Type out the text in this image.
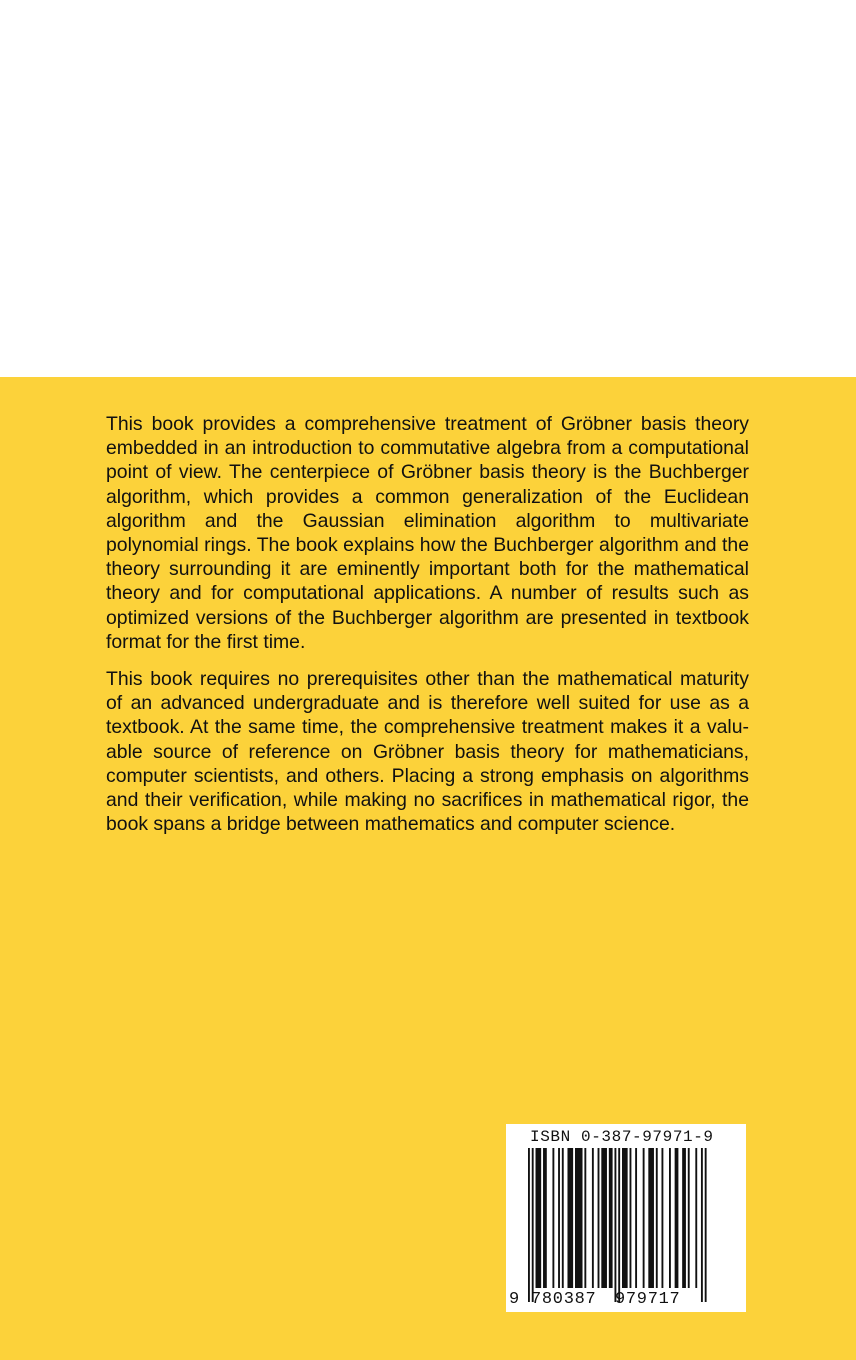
This book provides a comprehensive treatment of Gröbner basis theory embedded in an introduction to commutative algebra from a computational point of view. The centerpiece of Gröbner basis theory is the Buchberger algorithm, which provides a common generalization of the Euclidean algorithm and the Gaussian elimination algorithm to multivariate polynomial rings. The book explains how the Buchberger algorithm and the theory surrounding it are eminently important both for the mathematical theory and for computational applications. A number of results such as optimized versions of the Buchberger algorithm are presented in textbook format for the first time.

This book requires no prerequisites other than the mathematical maturity of an advanced undergraduate and is therefore well suited for use as a textbook. At the same time, the comprehensive treatment makes it a valuable source of reference on Gröbner basis theory for mathematicians, computer scientists, and others. Placing a strong emphasis on algorithms and their verification, while making no sacrifices in mathematical rigor, the book spans a bridge between mathematics and computer science.

ISBN 0-387-97971-9
9 780387 979717
